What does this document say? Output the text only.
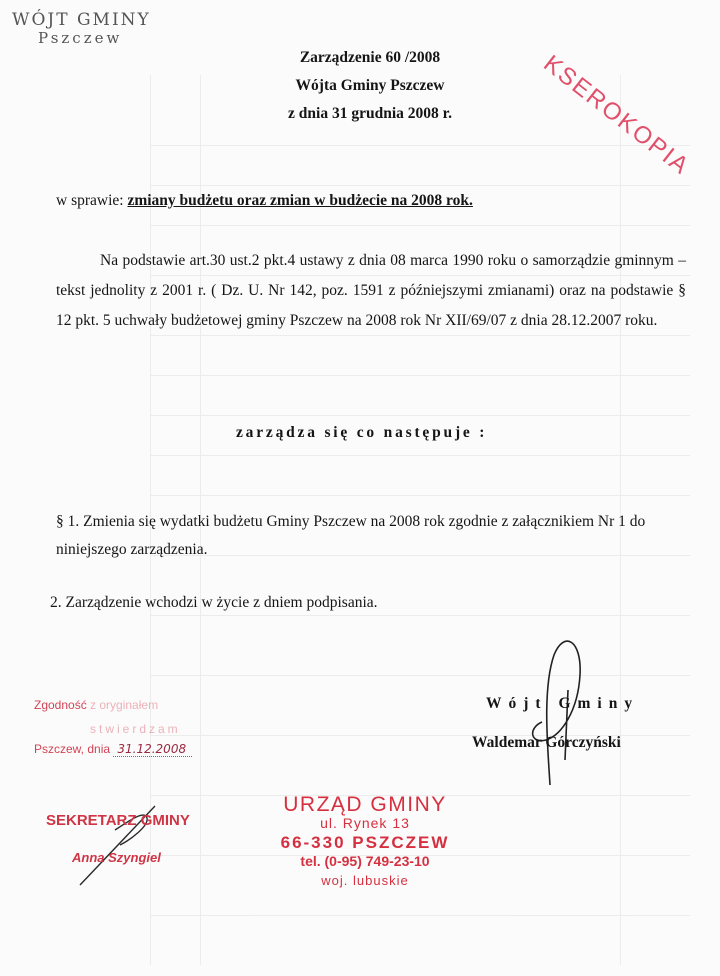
WÓJT GMINY
Pszczew
KSEROKOPIA
Zarządzenie 60 /2008
Wójta Gminy Pszczew
z dnia 31 grudnia 2008 r.
w sprawie: zmiany budżetu oraz zmian w budżecie na 2008 rok.
Na podstawie art.30 ust.2 pkt.4 ustawy z dnia 08 marca 1990 roku o samorządzie gminnym – tekst jednolity z 2001 r. ( Dz. U. Nr 142, poz. 1591 z późniejszymi zmianami) oraz na podstawie § 12 pkt. 5 uchwały budżetowej gminy Pszczew na 2008 rok Nr XII/69/07 z dnia 28.12.2007 roku.
zarządza się co następuje :
§ 1. Zmienia się wydatki budżetu Gminy Pszczew na 2008 rok zgodnie z załącznikiem Nr 1 do niniejszego zarządzenia.
2. Zarządzenie wchodzi w życie z dniem podpisania.
Wójt Gminy
Waldemar Górczyński
Zgodność z oryginałem
stwierdzam
Pszczew, dnia 31.12.2008
SEKRETARZ GMINY
Anna Szyngiel
URZĄD GMINY
ul. Rynek 13
66-330 PSZCZEW
tel. (0-95) 749-23-10
woj. lubuskie
